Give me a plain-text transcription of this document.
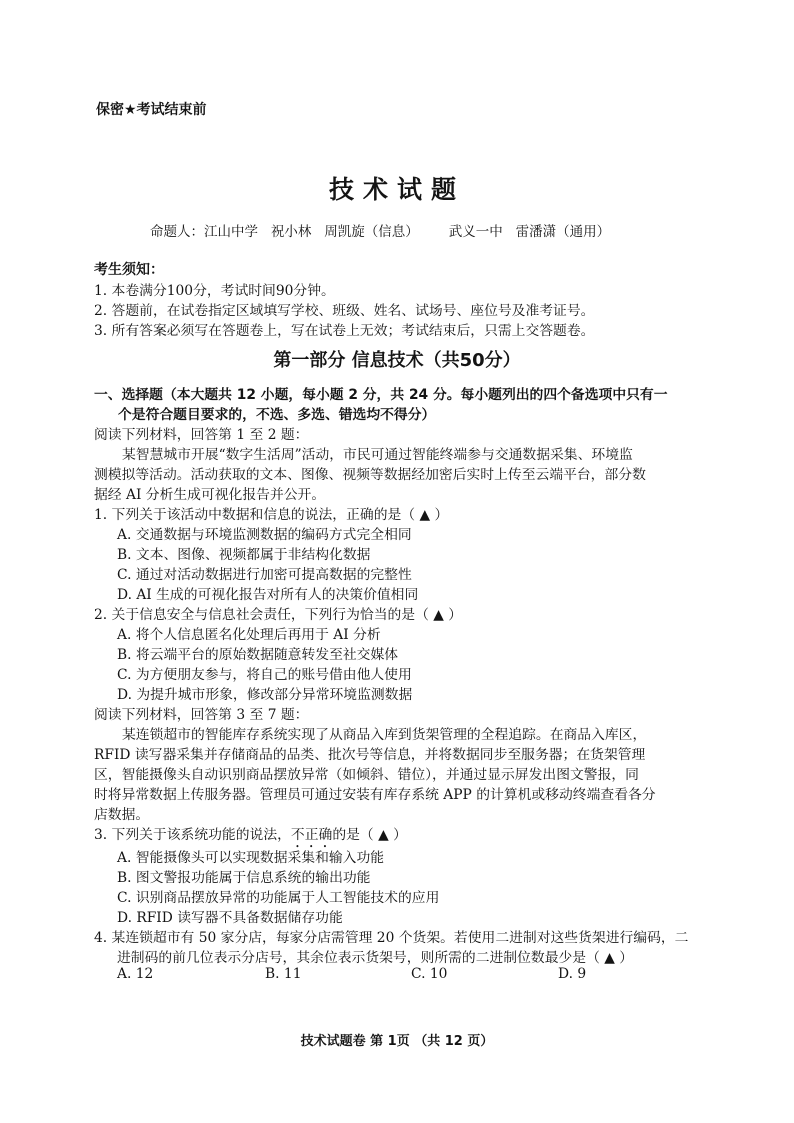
保密★考试结束前
技术试题
命题人：江山中学   祝小林   周凯旋（信息）       武义一中   雷潘潇（通用）
考生须知：
1. 本卷满分100分，考试时间90分钟。
2. 答题前，在试卷指定区域填写学校、班级、姓名、试场号、座位号及准考证号。
3. 所有答案必须写在答题卷上，写在试卷上无效；考试结束后，只需上交答题卷。
第一部分 信息技术（共50分）
一、选择题（本大题共 12 小题，每小题 2 分，共 24 分。每小题列出的四个备选项中只有一
个是符合题目要求的，不选、多选、错选均不得分）
阅读下列材料，回答第 1 至 2 题：
某智慧城市开展“数字生活周”活动，市民可通过智能终端参与交通数据采集、环境监
测模拟等活动。活动获取的文本、图像、视频等数据经加密后实时上传至云端平台，部分数
据经 AI 分析生成可视化报告并公开。
1. 下列关于该活动中数据和信息的说法，正确的是（ ▲ ）
A. 交通数据与环境监测数据的编码方式完全相同
B. 文本、图像、视频都属于非结构化数据
C. 通过对活动数据进行加密可提高数据的完整性
D. AI 生成的可视化报告对所有人的决策价值相同
2. 关于信息安全与信息社会责任，下列行为恰当的是（ ▲ ）
A. 将个人信息匿名化处理后再用于 AI 分析
B. 将云端平台的原始数据随意转发至社交媒体
C. 为方便朋友参与，将自己的账号借由他人使用
D. 为提升城市形象，修改部分异常环境监测数据
阅读下列材料，回答第 3 至 7 题：
某连锁超市的智能库存系统实现了从商品入库到货架管理的全程追踪。在商品入库区，
RFID 读写器采集并存储商品的品类、批次号等信息，并将数据同步至服务器；在货架管理
区，智能摄像头自动识别商品摆放异常（如倾斜、错位），并通过显示屏发出图文警报，同
时将异常数据上传服务器。管理员可通过安装有库存系统 APP 的计算机或移动终端查看各分
店数据。
3. 下列关于该系统功能的说法，不正确的是（ ▲ ）
A. 智能摄像头可以实现数据采集和输入功能
B. 图文警报功能属于信息系统的输出功能
C. 识别商品摆放异常的功能属于人工智能技术的应用
D. RFID 读写器不具备数据储存功能
4. 某连锁超市有 50 家分店，每家分店需管理 20 个货架。若使用二进制对这些货架进行编码，二
进制码的前几位表示分店号，其余位表示货架号，则所需的二进制位数最少是（ ▲ ）
A. 12	B. 11	C. 10	D. 9
技术试题卷 第 1页 （共 12 页）
